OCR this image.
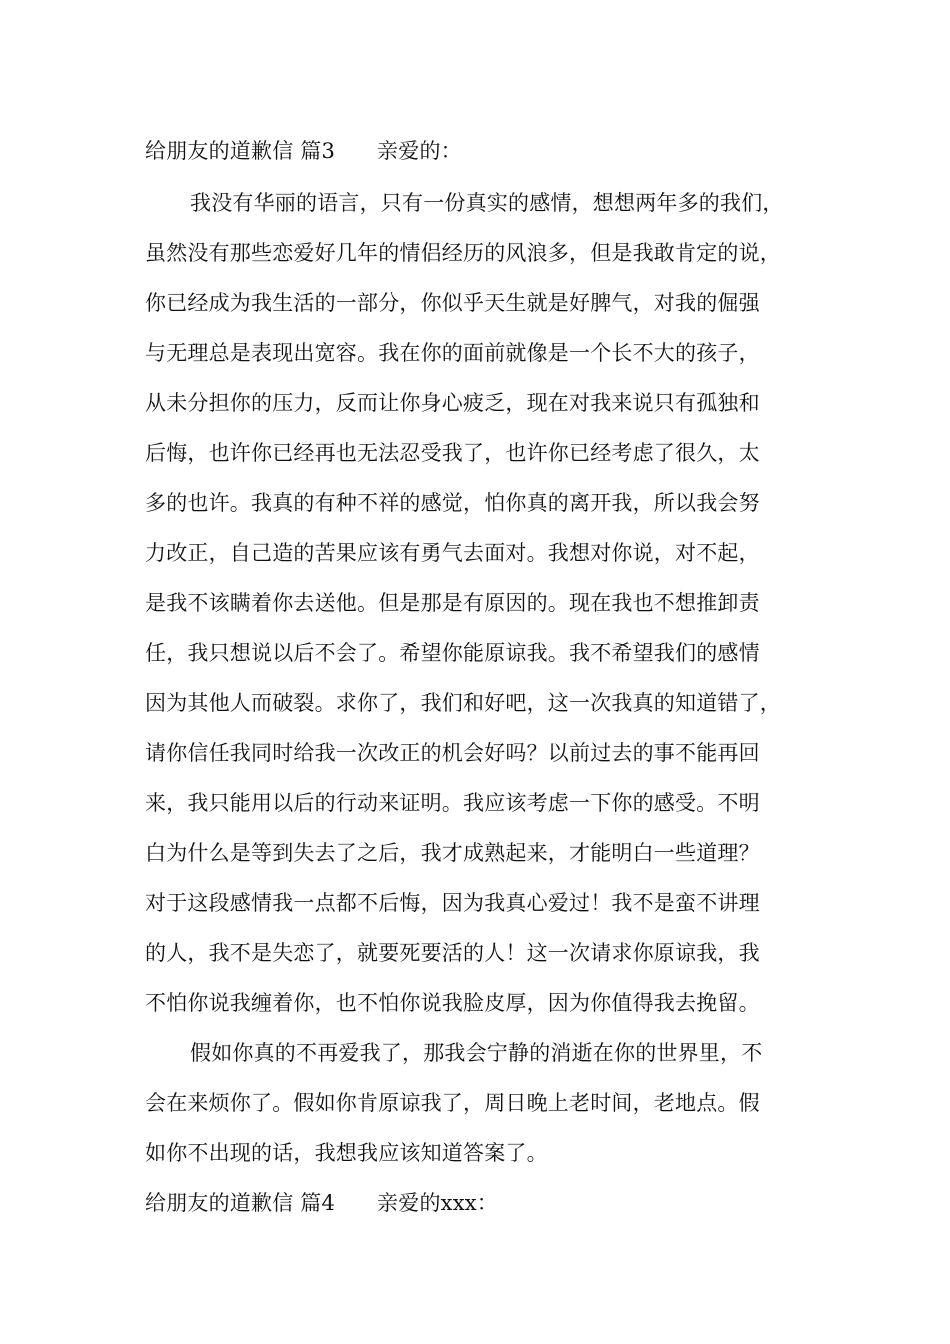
给朋友的道歉信 篇3 亲爱的：
我没有华丽的语言，只有一份真实的感情，想想两年多的我们，
虽然没有那些恋爱好几年的情侣经历的风浪多，但是我敢肯定的说，
你已经成为我生活的一部分，你似乎天生就是好脾气，对我的倔强
与无理总是表现出宽容。我在你的面前就像是一个长不大的孩子，
从未分担你的压力，反而让你身心疲乏，现在对我来说只有孤独和
后悔，也许你已经再也无法忍受我了，也许你已经考虑了很久，太
多的也许。我真的有种不祥的感觉，怕你真的离开我，所以我会努
力改正，自己造的苦果应该有勇气去面对。我想对你说，对不起，
是我不该瞒着你去送他。但是那是有原因的。现在我也不想推卸责
任，我只想说以后不会了。希望你能原谅我。我不希望我们的感情
因为其他人而破裂。求你了，我们和好吧，这一次我真的知道错了，
请你信任我同时给我一次改正的机会好吗？以前过去的事不能再回
来，我只能用以后的行动来证明。我应该考虑一下你的感受。不明
白为什么是等到失去了之后，我才成熟起来，才能明白一些道理？
对于这段感情我一点都不后悔，因为我真心爱过！我不是蛮不讲理
的人，我不是失恋了，就要死要活的人！这一次请求你原谅我，我
不怕你说我缠着你，也不怕你说我脸皮厚，因为你值得我去挽留。
假如你真的不再爱我了，那我会宁静的消逝在你的世界里，不
会在来烦你了。假如你肯原谅我了，周日晚上老时间，老地点。假
如你不出现的话，我想我应该知道答案了。
给朋友的道歉信 篇4 亲爱的xxx：
